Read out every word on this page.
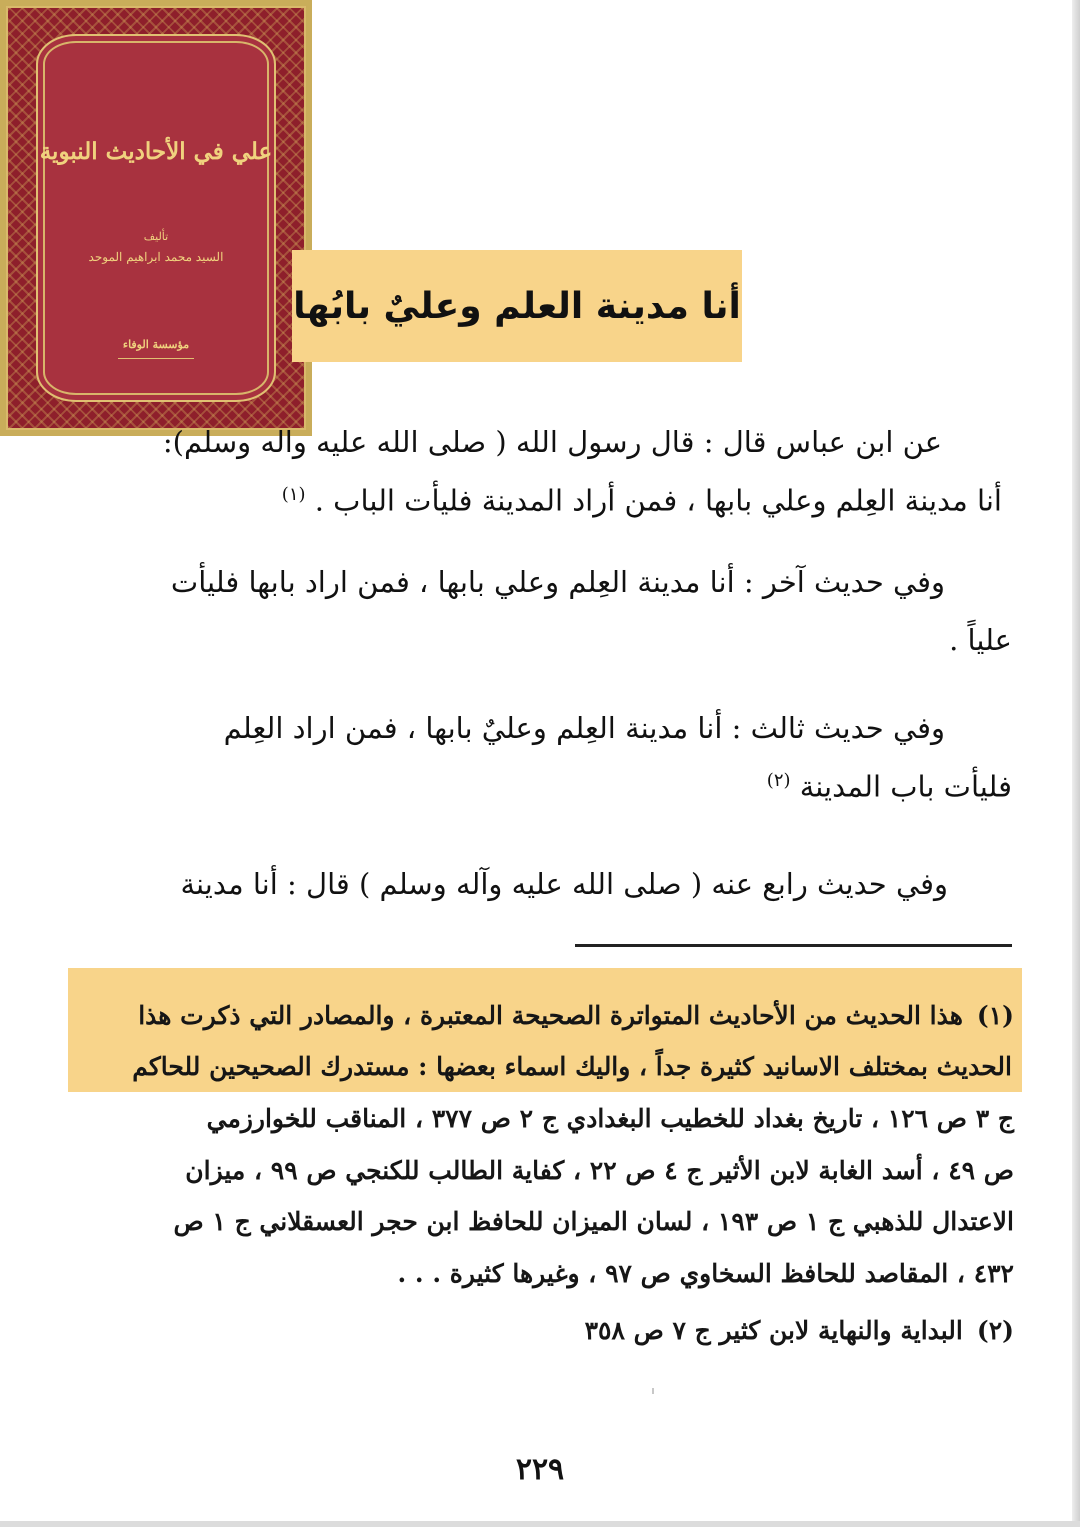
علي في الأحاديث النبوية
تأليف
السيد محمد ابراهيم الموحد
مؤسسة الوفاء
أنا مدينة العلم وعليٌ بابُها
عن ابن عباس قال : قال رسول الله ( صلى الله عليه واله وسلم):
أنا مدينة العِلم وعلي بابها ، فمن أراد المدينة فليأت الباب . $^{(١)}$
وفي حديث آخر : أنا مدينة العِلم وعلي بابها ، فمن اراد بابها فليأت
علياً .
وفي حديث ثالث : أنا مدينة العِلم وعليٌ بابها ، فمن اراد العِلم
فليأت باب المدينة $^{(٢)}$
وفي حديث رابع عنه ( صلى الله عليه وآله وسلم ) قال : أنا مدينة
(١)هذا الحديث من الأحاديث المتواترة الصحيحة المعتبرة ، والمصادر التي ذكرت هذا
الحديث بمختلف الاسانيد كثيرة جداً ، واليك اسماء بعضها : مستدرك الصحيحين للحاكم
ج ٣ ص ١٢٦ ، تاريخ بغداد للخطيب البغدادي ج ٢ ص ٣٧٧ ، المناقب للخوارزمي
ص ٤٩ ، أسد الغابة لابن الأثير ج ٤ ص ٢٢ ، كفاية الطالب للكنجي ص ٩٩ ، ميزان
الاعتدال للذهبي ج ١ ص ١٩٣ ، لسان الميزان للحافظ ابن حجر العسقلاني ج ١ ص
٤٣٢ ، المقاصد للحافظ السخاوي ص ٩٧ ، وغيرها كثيرة . . .
(٢)البداية والنهاية لابن كثير ج ٧ ص ٣٥٨
٢٢٩
